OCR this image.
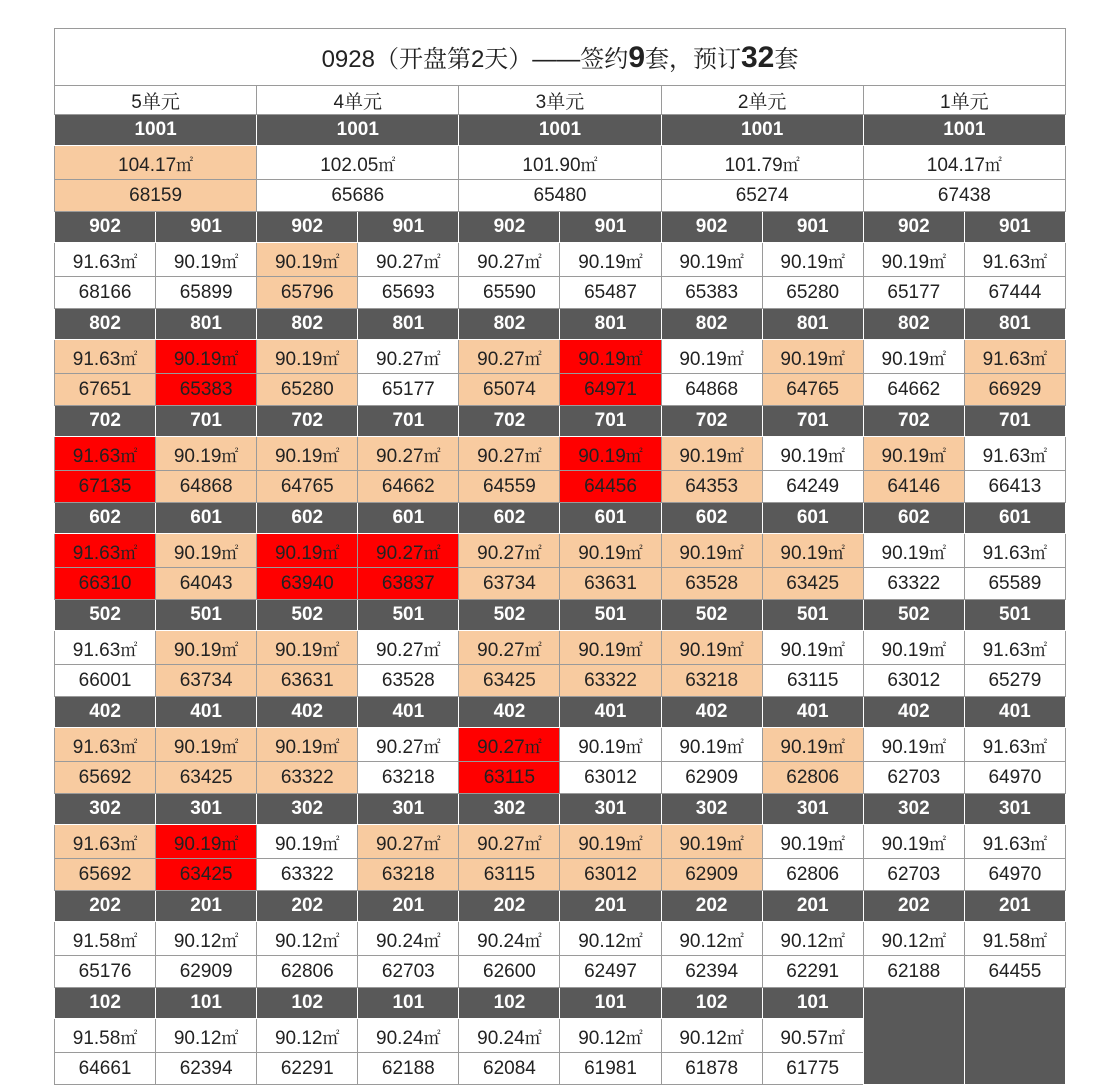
0928（开盘第2天）——签约9套，预订32套									
5单元		4单元		3单元		2单元		1单元	
1001		1001		1001		1001		1001	
104.17㎡		102.05㎡		101.90㎡		101.79㎡		104.17㎡	
68159		65686		65480		65274		67438	
902	901	902	901	902	901	902	901	902	901
91.63㎡	90.19㎡	90.19㎡	90.27㎡	90.27㎡	90.19㎡	90.19㎡	90.19㎡	90.19㎡	91.63㎡
68166	65899	65796	65693	65590	65487	65383	65280	65177	67444
802	801	802	801	802	801	802	801	802	801
91.63㎡	90.19㎡	90.19㎡	90.27㎡	90.27㎡	90.19㎡	90.19㎡	90.19㎡	90.19㎡	91.63㎡
67651	65383	65280	65177	65074	64971	64868	64765	64662	66929
702	701	702	701	702	701	702	701	702	701
91.63㎡	90.19㎡	90.19㎡	90.27㎡	90.27㎡	90.19㎡	90.19㎡	90.19㎡	90.19㎡	91.63㎡
67135	64868	64765	64662	64559	64456	64353	64249	64146	66413
602	601	602	601	602	601	602	601	602	601
91.63㎡	90.19㎡	90.19㎡	90.27㎡	90.27㎡	90.19㎡	90.19㎡	90.19㎡	90.19㎡	91.63㎡
66310	64043	63940	63837	63734	63631	63528	63425	63322	65589
502	501	502	501	502	501	502	501	502	501
91.63㎡	90.19㎡	90.19㎡	90.27㎡	90.27㎡	90.19㎡	90.19㎡	90.19㎡	90.19㎡	91.63㎡
66001	63734	63631	63528	63425	63322	63218	63115	63012	65279
402	401	402	401	402	401	402	401	402	401
91.63㎡	90.19㎡	90.19㎡	90.27㎡	90.27㎡	90.19㎡	90.19㎡	90.19㎡	90.19㎡	91.63㎡
65692	63425	63322	63218	63115	63012	62909	62806	62703	64970
302	301	302	301	302	301	302	301	302	301
91.63㎡	90.19㎡	90.19㎡	90.27㎡	90.27㎡	90.19㎡	90.19㎡	90.19㎡	90.19㎡	91.63㎡
65692	63425	63322	63218	63115	63012	62909	62806	62703	64970
202	201	202	201	202	201	202	201	202	201
91.58㎡	90.12㎡	90.12㎡	90.24㎡	90.24㎡	90.12㎡	90.12㎡	90.12㎡	90.12㎡	91.58㎡
65176	62909	62806	62703	62600	62497	62394	62291	62188	64455
102	101	102	101	102	101	102	101		
91.58㎡	90.12㎡	90.12㎡	90.24㎡	90.24㎡	90.12㎡	90.12㎡	90.57㎡		
64661	62394	62291	62188	62084	61981	61878	61775		
